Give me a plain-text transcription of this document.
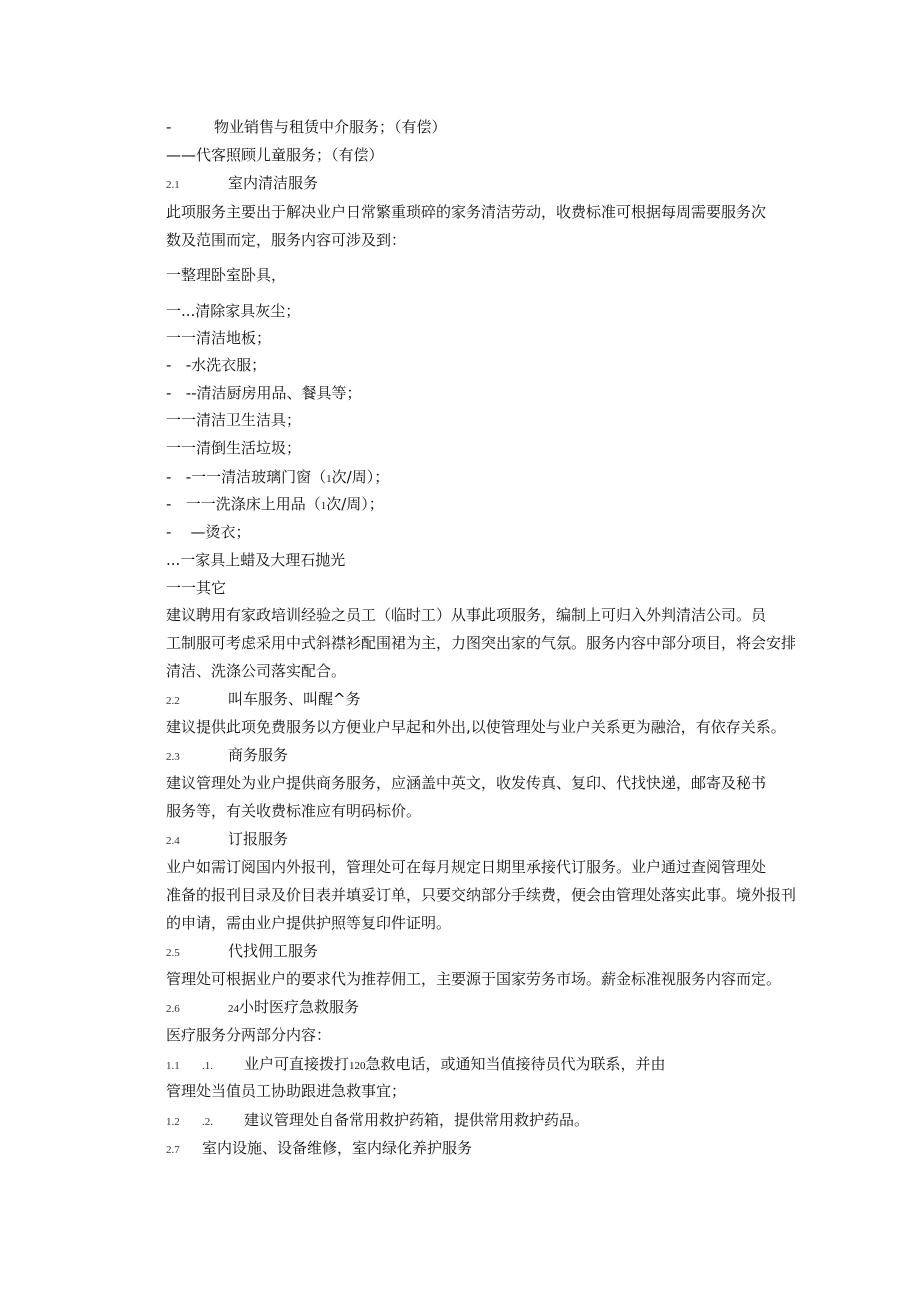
-	物业销售与租赁中介服务；（有偿）
——代客照顾儿童服务；（有偿）
2.1	室内清洁服务
此项服务主要出于解决业户日常繁重琐碎的家务清洁劳动，收费标准可根据每周需要服务次
数及范围而定，服务内容可涉及到：
一整理卧室卧具，
一...清除家具灰尘；
一一清洁地板；
-   -水洗衣服；
-   --清洁厨房用品、餐具等；
一一清洁卫生洁具；
一一清倒生活垃圾；
-   -一一清洁玻璃门窗（1次/周）；
-   一一洗涤床上用品（1次/周）；
-    —烫衣；
...一家具上蜡及大理石抛光
一一其它
建议聘用有家政培训经验之员工（临时工）从事此项服务，编制上可归入外判清洁公司。员
工制服可考虑采用中式斜襟衫配围裙为主，力图突出家的气氛。服务内容中部分项目，将会安排
清洁、洗涤公司落实配合。
2.2	叫车服务、叫醒^务
建议提供此项免费服务以方便业户早起和外出,以使管理处与业户关系更为融洽，有依存关系。
2.3	商务服务
建议管理处为业户提供商务服务，应涵盖中英文，收发传真、复印、代找快递，邮寄及秘书
服务等，有关收费标准应有明码标价。
2.4	订报服务
业户如需订阅国内外报刊，管理处可在每月规定日期里承接代订服务。业户通过查阅管理处
准备的报刊目录及价目表并填妥订单，只要交纳部分手续费，便会由管理处落实此事。境外报刊
的申请，需由业户提供护照等复印件证明。
2.5	代找佣工服务
管理处可根据业户的要求代为推荐佣工，主要源于国家劳务市场。薪金标准视服务内容而定。
2.6	24小时医疗急救服务
医疗服务分两部分内容：
1.1 .1. 业户可直接拨打120急救电话，或通知当值接待员代为联系，并由
管理处当值员工协助跟进急救事宜；
1.2 .2. 建议管理处自备常用救护药箱，提供常用救护药品。
2.7 室内设施、设备维修，室内绿化养护服务
